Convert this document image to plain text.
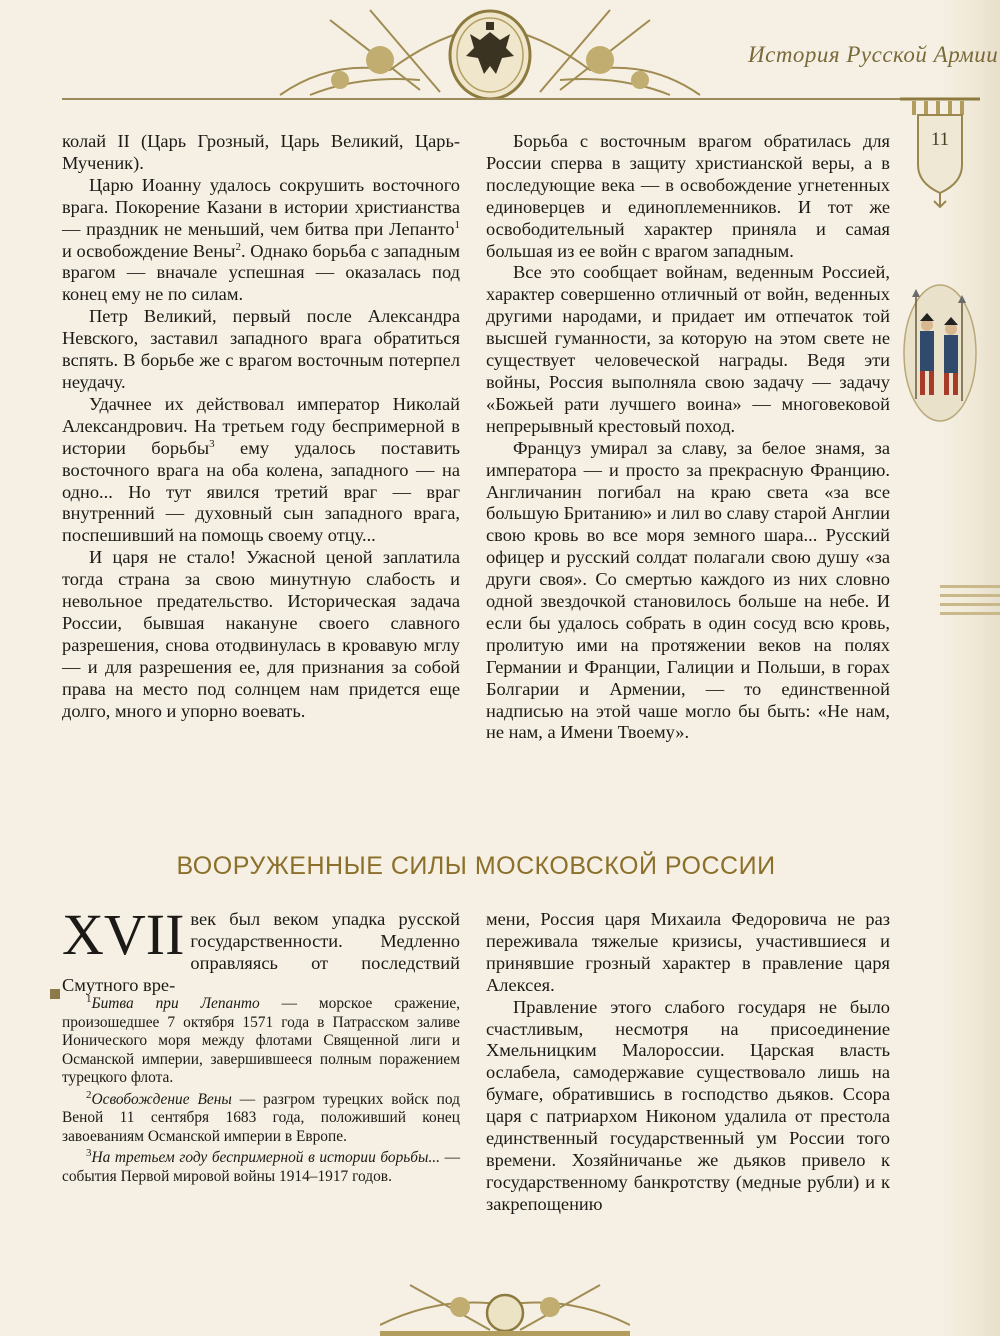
История Русской Армии
11

колай II (Царь Грозный, Царь Великий, Царь-Мученик).

Царю Иоанну удалось сокрушить восточного врага. Покорение Казани в истории христианства — праздник не меньший, чем битва при Лепанто$^1$ и освобождение Вены$^2$. Однако борьба с западным врагом — вначале успешная — оказалась под конец ему не по силам.

Петр Великий, первый после Александра Невского, заставил западного врага обратиться вспять. В борьбе же с врагом восточным потерпел неудачу.

Удачнее их действовал император Николай Александрович. На третьем году беспримерной в истории борьбы$^3$ ему удалось поставить восточного врага на оба колена, западного — на одно... Но тут явился третий враг — враг внутренний — духовный сын западного врага, поспешивший на помощь своему отцу...

И царя не стало! Ужасной ценой заплатила тогда страна за свою минутную слабость и невольное предательство. Историческая задача России, бывшая накануне своего славного разрешения, снова отодвинулась в кровавую мглу — и для разрешения ее, для признания за собой права на место под солнцем нам придется еще долго, много и упорно воевать.

Борьба с восточным врагом обратилась для России сперва в защиту христианской веры, а в последующие века — в освобождение угнетенных единоверцев и единоплеменников. И тот же освободительный характер приняла и самая большая из ее войн с врагом западным.

Все это сообщает войнам, веденным Россией, характер совершенно отличный от войн, веденных другими народами, и придает им отпечаток той высшей гуманности, за которую на этом свете не существует человеческой награды. Ведя эти войны, Россия выполняла свою задачу — задачу «Божьей рати лучшего воина» — многовековой непрерывный крестовый поход.

Француз умирал за славу, за белое знамя, за императора — и просто за прекрасную Францию. Англичанин погибал на краю света «за все большую Британию» и лил во славу старой Англии свою кровь во все моря земного шара... Русский офицер и русский солдат полагали свою душу «за други своя». Со смертью каждого из них словно одной звездочкой становилось больше на небе. И если бы удалось собрать в один сосуд всю кровь, пролитую ими на протяжении веков на полях Германии и Франции, Галиции и Польши, в горах Болгарии и Армении, — то единственной надписью на этой чаше могло бы быть: «Не нам, не нам, а Имени Твоему».

ВООРУЖЕННЫЕ СИЛЫ МОСКОВСКОЙ РОССИИ

XVII век был веком упадка русской государственности. Медленно оправляясь от последствий Смутного вре-

$^1$Битва при Лепанто — морское сражение, произошедшее 7 октября 1571 года в Патрасском заливе Ионического моря между флотами Священной лиги и Османской империи, завершившееся полным поражением турецкого флота.

$^2$Освобождение Вены — разгром турецких войск под Веной 11 сентября 1683 года, положивший конец завоеваниям Османской империи в Европе.

$^3$На третьем году беспримерной в истории борьбы... — события Первой мировой войны 1914–1917 годов.

мени, Россия царя Михаила Федоровича не раз переживала тяжелые кризисы, участившиеся и принявшие грозный характер в правление царя Алексея.

Правление этого слабого государя не было счастливым, несмотря на присоединение Хмельницким Малороссии. Царская власть ослабела, самодержавие существовало лишь на бумаге, обратившись в господство дьяков. Ссора царя с патриархом Никоном удалила от престола единственный государственный ум России того времени. Хозяйничанье же дьяков привело к государственному банкротству (медные рубли) и к закрепощению
